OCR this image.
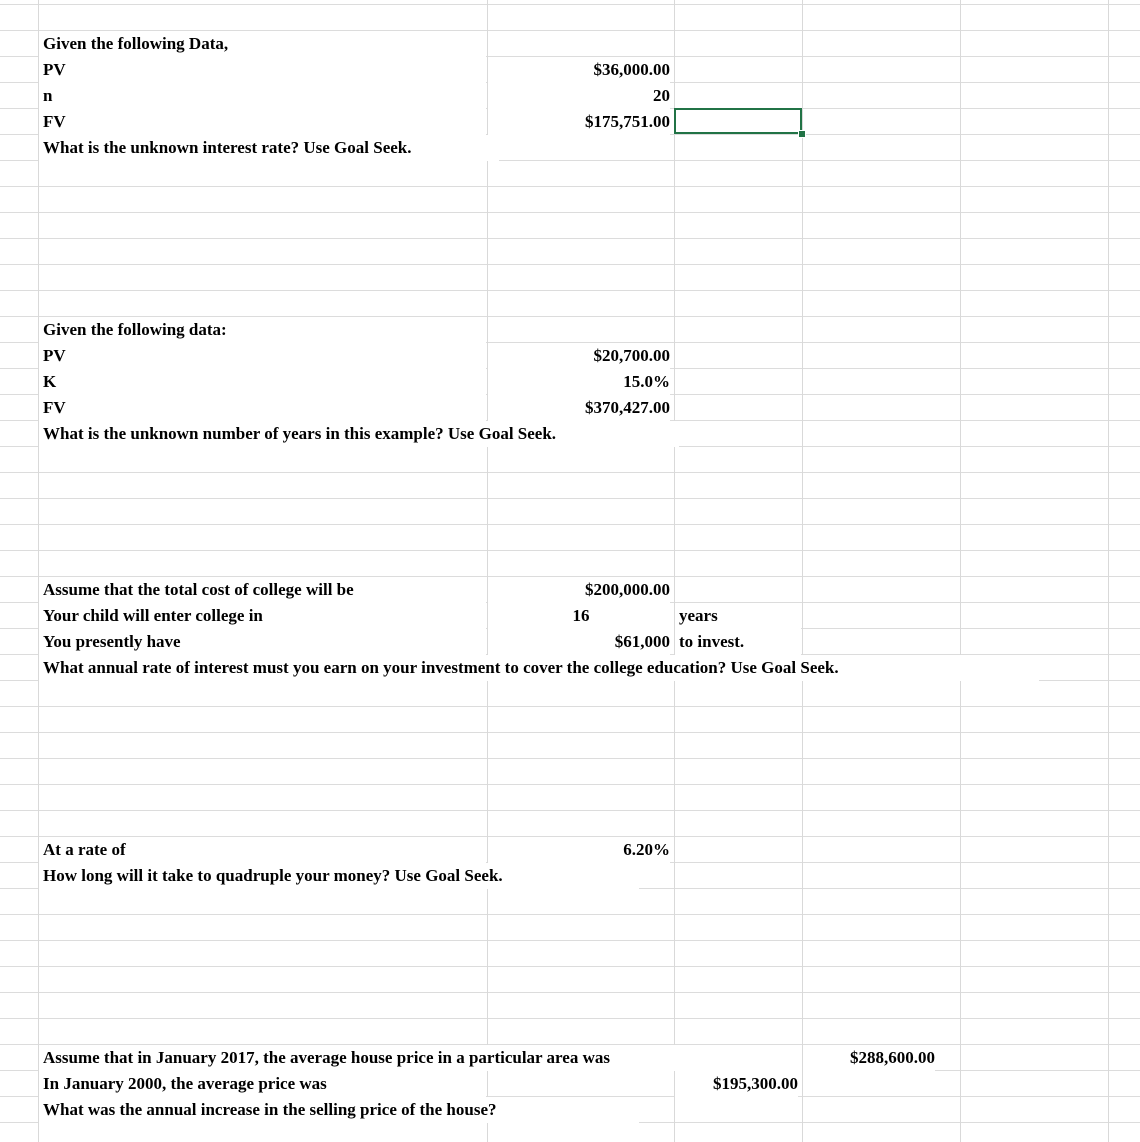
Given the following Data,
PV	$36,000.00
n	20
FV	$175,751.00
What is the unknown interest rate? Use Goal Seek.
Given the following data:
PV	$20,700.00
K	15.0%
FV	$370,427.00
What is the unknown number of years in this example? Use Goal Seek.
Assume that the total cost of college will be	$200,000.00
Your child will enter college in	16	years
You presently have	$61,000 to invest.
What annual rate of interest must you earn on your investment to cover the college education? Use Goal Seek.
At a rate of	6.20%
How long will it take to quadruple your money? Use Goal Seek.
Assume that in January 2017, the average house price in a particular area was	$288,600.00
In January 2000, the average price was	$195,300.00
What was the annual increase in the selling price of the house?
